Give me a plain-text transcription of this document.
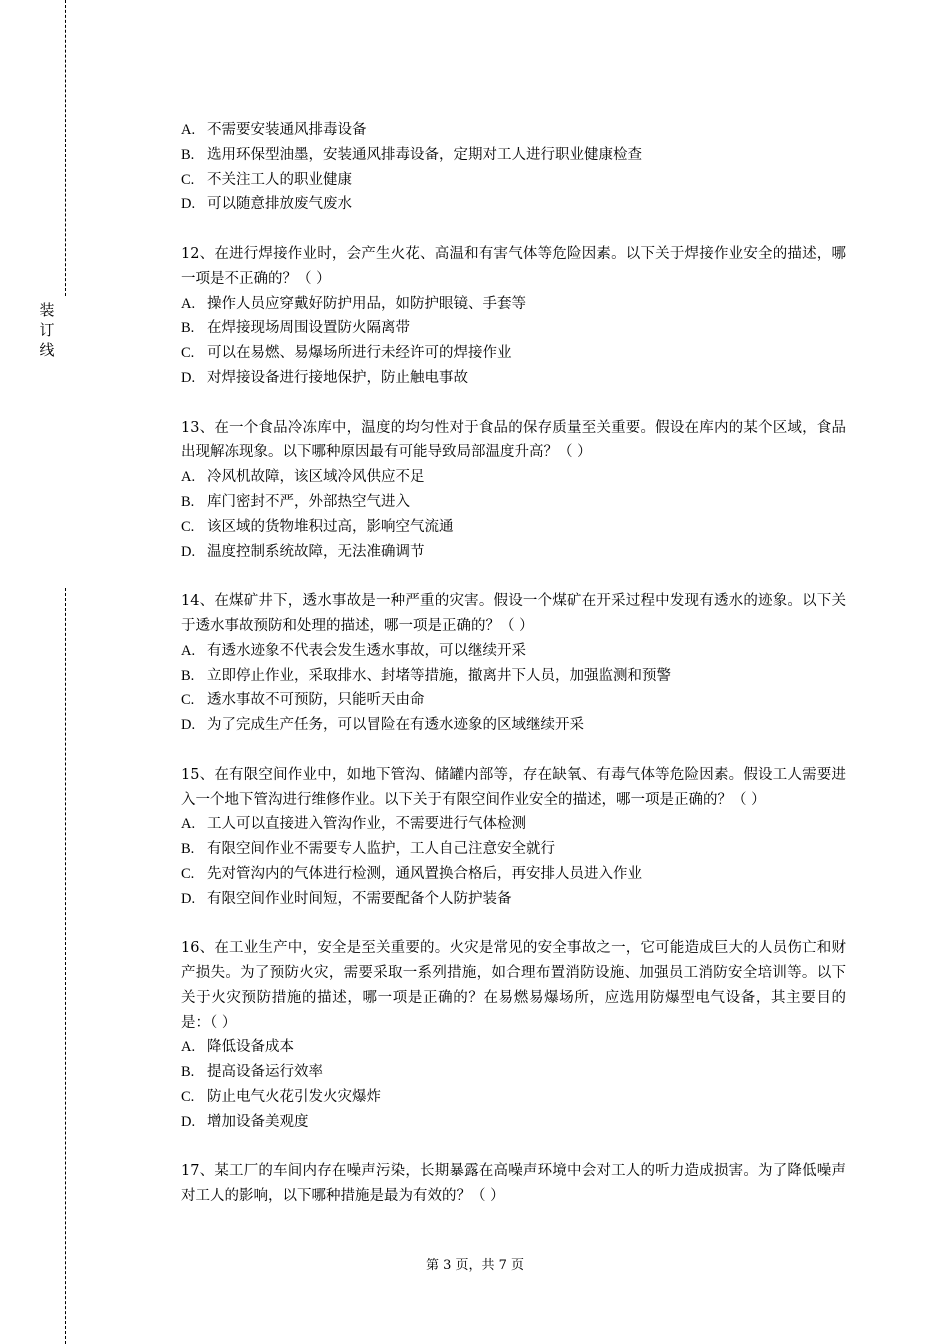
装
订
线
A. 不需要安装通风排毒设备
B. 选用环保型油墨，安装通风排毒设备，定期对工人进行职业健康检查
C. 不关注工人的职业健康
D. 可以随意排放废气废水
12、在进行焊接作业时，会产生火花、高温和有害气体等危险因素。以下关于焊接作业安全的描述，哪一项是不正确的？（ ）
A. 操作人员应穿戴好防护用品，如防护眼镜、手套等
B. 在焊接现场周围设置防火隔离带
C. 可以在易燃、易爆场所进行未经许可的焊接作业
D. 对焊接设备进行接地保护，防止触电事故
13、在一个食品冷冻库中，温度的均匀性对于食品的保存质量至关重要。假设在库内的某个区域，食品出现解冻现象。以下哪种原因最有可能导致局部温度升高？（ ）
A. 冷风机故障，该区域冷风供应不足
B. 库门密封不严，外部热空气进入
C. 该区域的货物堆积过高，影响空气流通
D. 温度控制系统故障，无法准确调节
14、在煤矿井下，透水事故是一种严重的灾害。假设一个煤矿在开采过程中发现有透水的迹象。以下关于透水事故预防和处理的描述，哪一项是正确的？（ ）
A. 有透水迹象不代表会发生透水事故，可以继续开采
B. 立即停止作业，采取排水、封堵等措施，撤离井下人员，加强监测和预警
C. 透水事故不可预防，只能听天由命
D. 为了完成生产任务，可以冒险在有透水迹象的区域继续开采
15、在有限空间作业中，如地下管沟、储罐内部等，存在缺氧、有毒气体等危险因素。假设工人需要进入一个地下管沟进行维修作业。以下关于有限空间作业安全的描述，哪一项是正确的？（ ）
A. 工人可以直接进入管沟作业，不需要进行气体检测
B. 有限空间作业不需要专人监护，工人自己注意安全就行
C. 先对管沟内的气体进行检测，通风置换合格后，再安排人员进入作业
D. 有限空间作业时间短，不需要配备个人防护装备
16、在工业生产中，安全是至关重要的。火灾是常见的安全事故之一，它可能造成巨大的人员伤亡和财产损失。为了预防火灾，需要采取一系列措施，如合理布置消防设施、加强员工消防安全培训等。以下关于火灾预防措施的描述，哪一项是正确的？在易燃易爆场所，应选用防爆型电气设备，其主要目的是：（ ）
A. 降低设备成本
B. 提高设备运行效率
C. 防止电气火花引发火灾爆炸
D. 增加设备美观度
17、某工厂的车间内存在噪声污染，长期暴露在高噪声环境中会对工人的听力造成损害。为了降低噪声对工人的影响，以下哪种措施是最为有效的？（ ）
第 3 页，共 7 页
